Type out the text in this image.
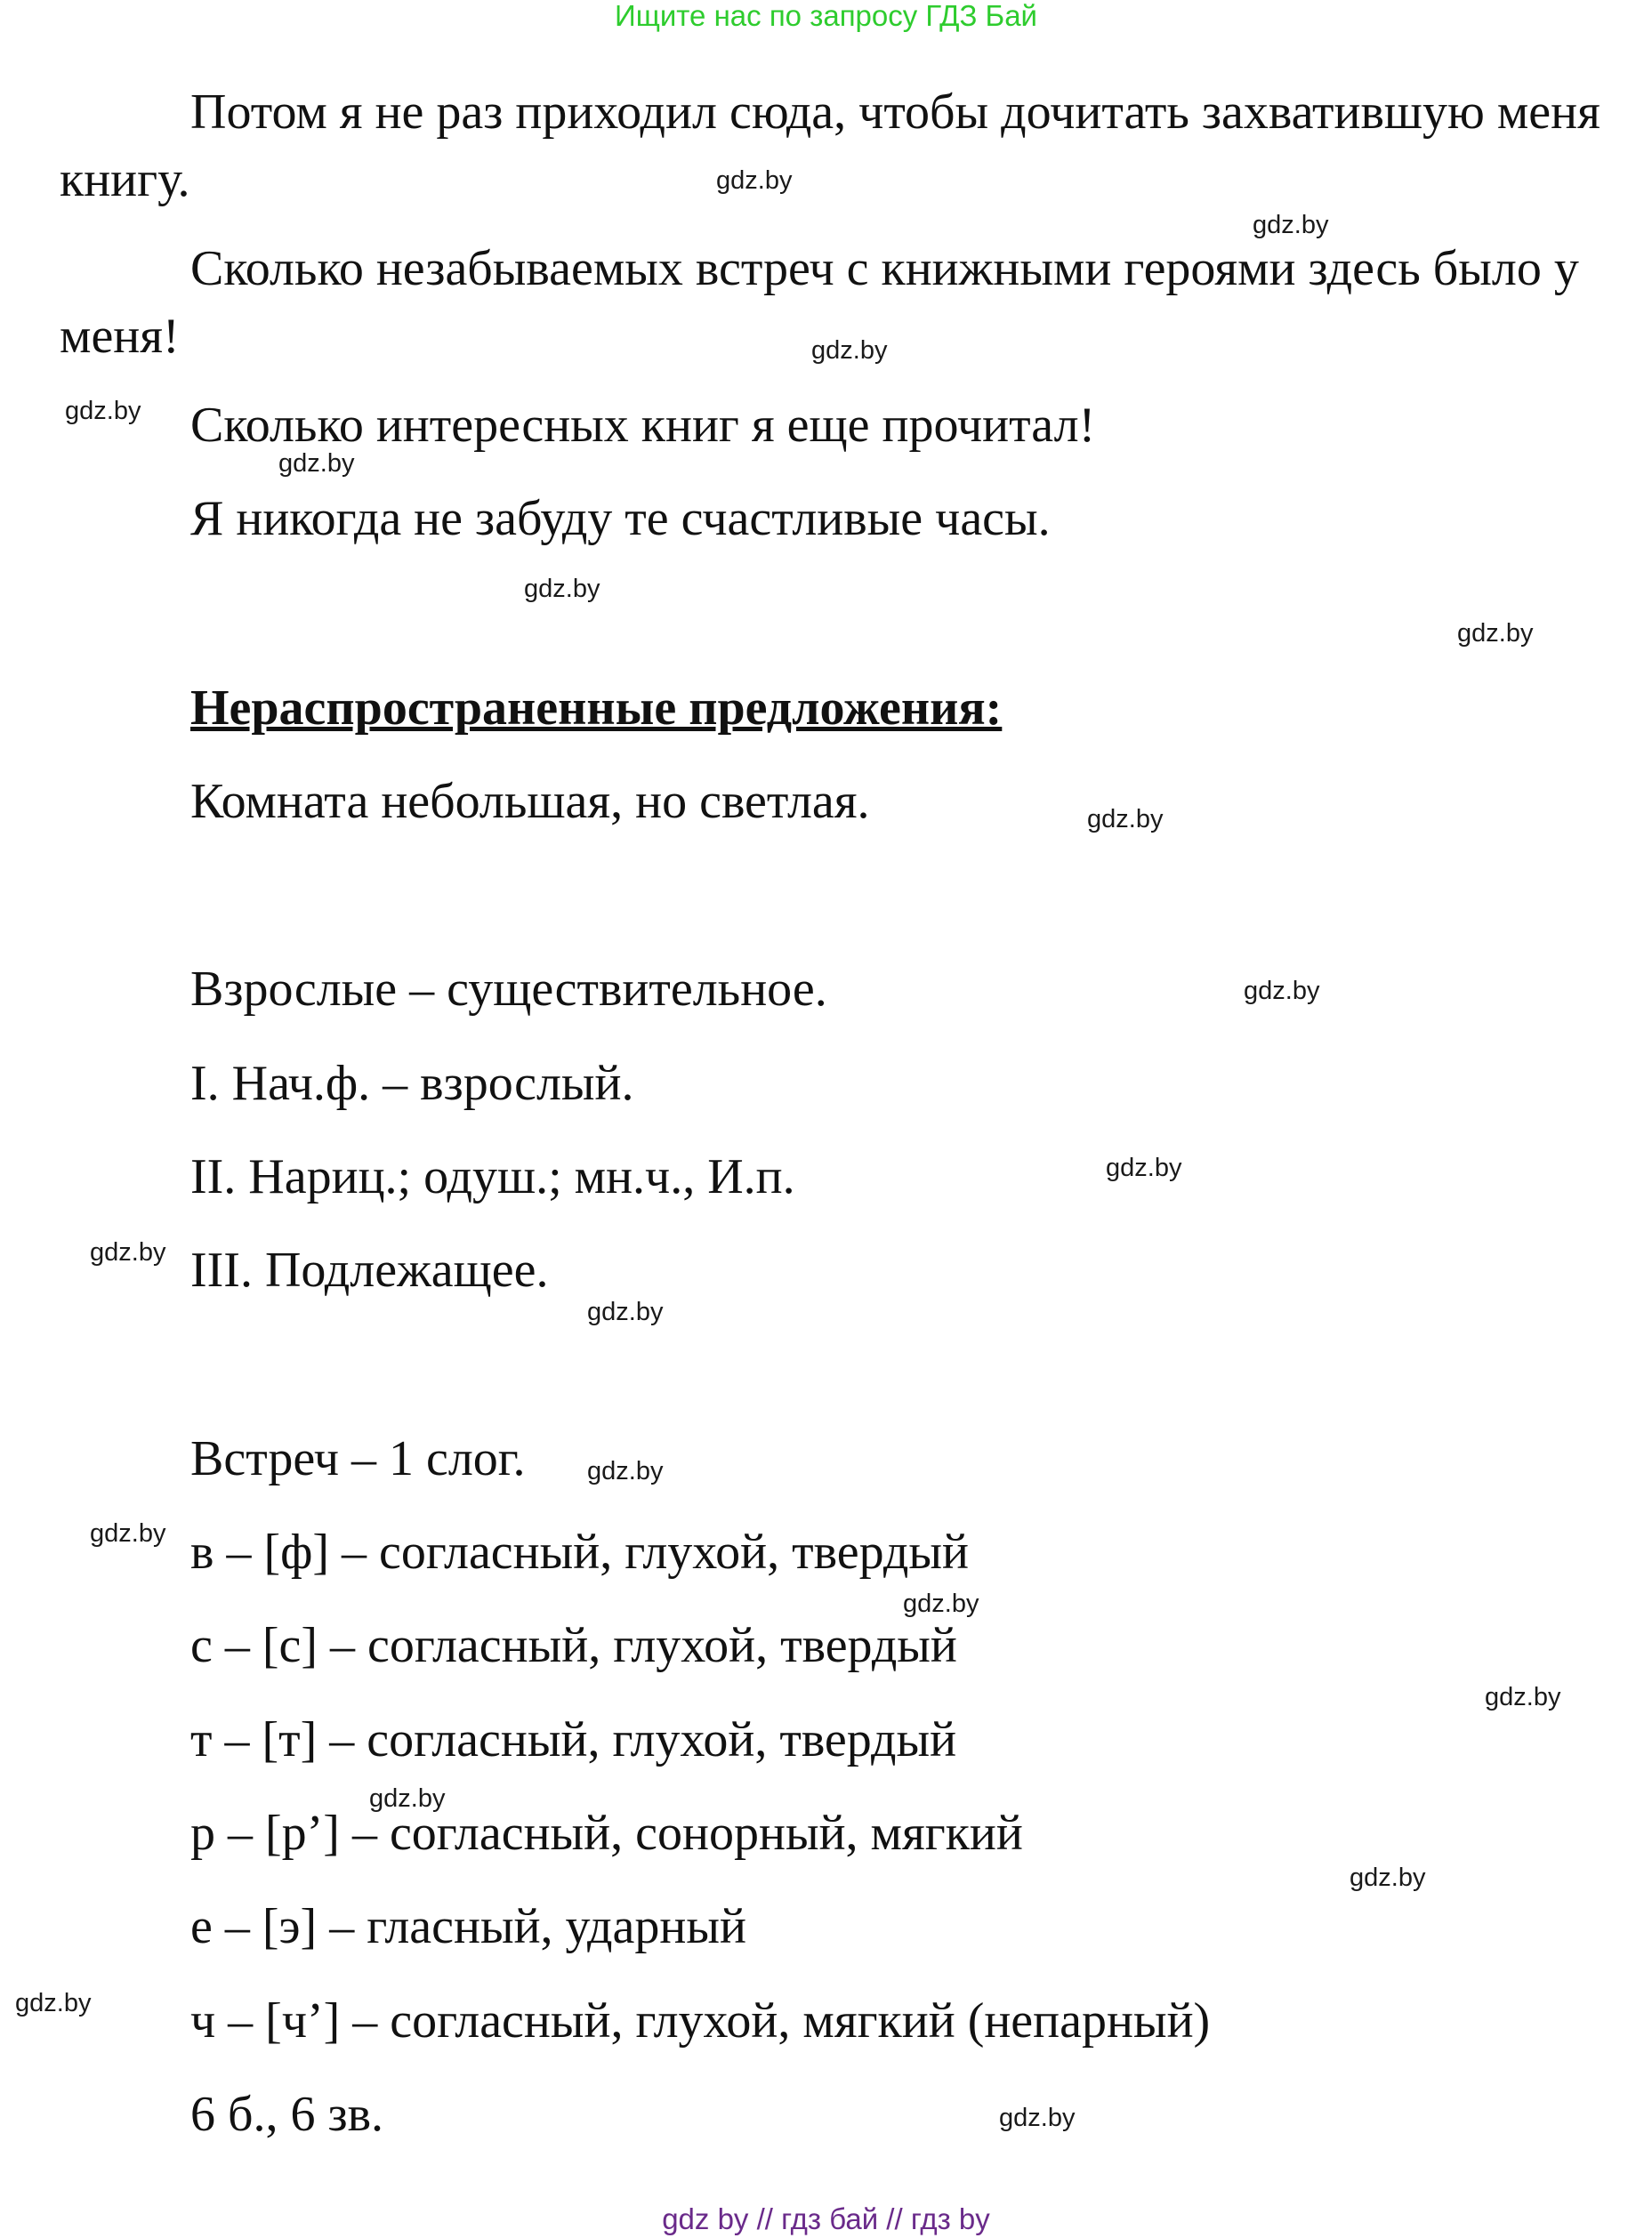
Ищите нас по запросу ГДЗ Бай
Потом я не раз приходил сюда, чтобы дочитать захватившую меня книгу.
Сколько незабываемых встреч с книжными героями здесь было у меня!
Сколько интересных книг я еще прочитал!
Я никогда не забуду те счастливые часы.
Нераспространенные предложения:
Комната небольшая, но светлая.
Взрослые – существительное.
I. Нач.ф. – взрослый.
II. Нариц.; одуш.; мн.ч., И.п.
III. Подлежащее.
Встреч – 1 слог.
в – [ф] – согласный, глухой, твердый
с – [с] – согласный, глухой, твердый
т – [т] – согласный, глухой, твердый
р – [р’] – согласный, сонорный, мягкий
е – [э] – гласный, ударный
ч – [ч’] – согласный, глухой, мягкий (непарный)
6 б., 6 зв.
gdz.by
gdz.by
gdz.by
gdz.by
gdz.by
gdz.by
gdz.by
gdz.by
gdz.by
gdz.by
gdz.by
gdz.by
gdz.by
gdz.by
gdz.by
gdz.by
gdz.by
gdz.by
gdz.by
gdz.by
gdz by // гдз бай // гдз by
